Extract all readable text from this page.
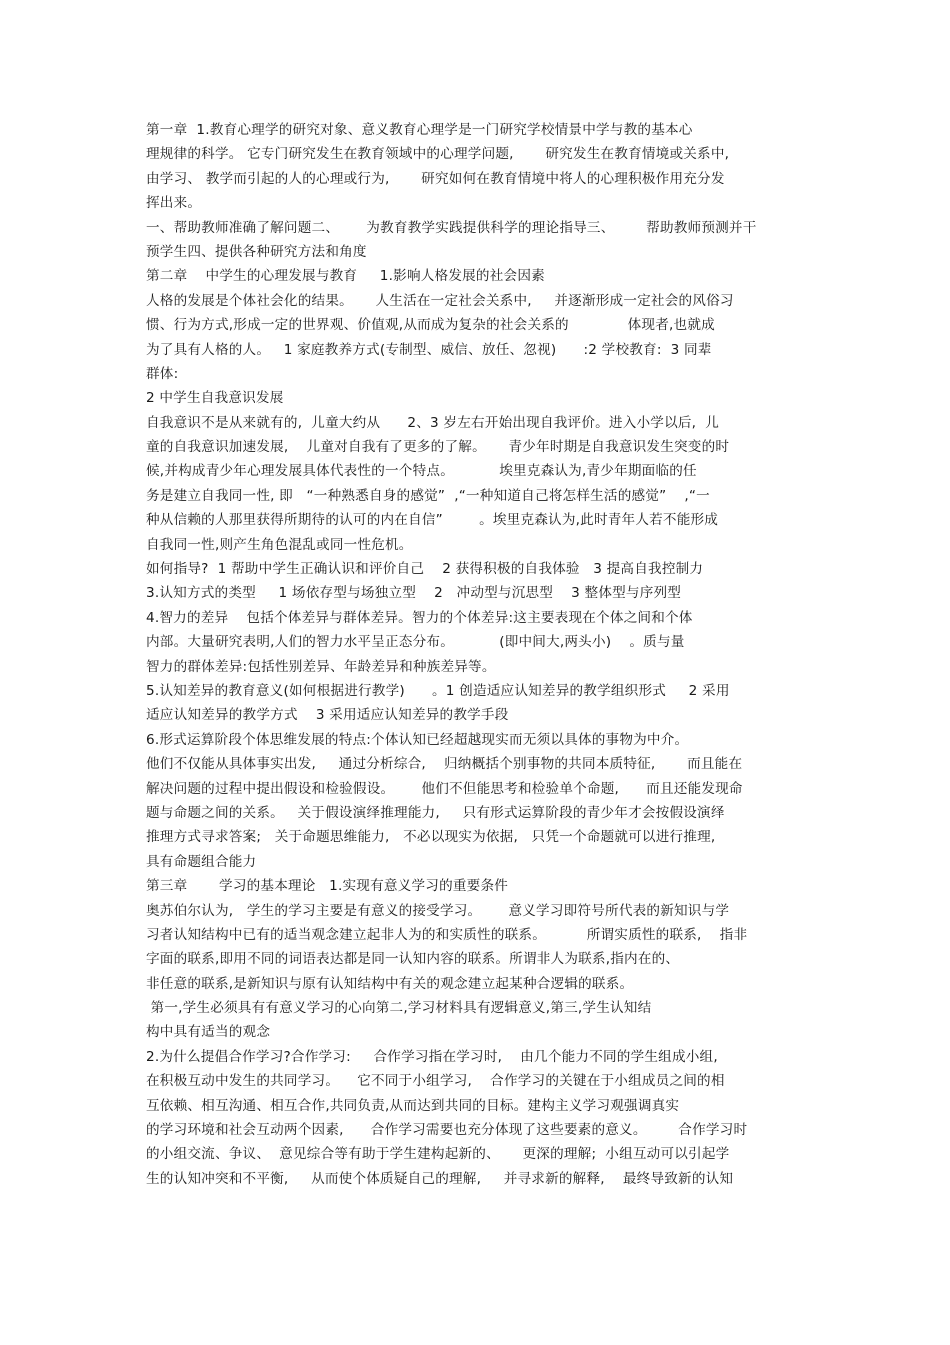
第一章  1.教育心理学的研究对象、意义教育心理学是一门研究学校情景中学与教的基本心
理规律的科学。 它专门研究发生在教育领域中的心理学问题,       研究发生在教育情境或关系中,
由学习、 教学而引起的人的心理或行为,       研究如何在教育情境中将人的心理积极作用充分发
挥出来。
一、帮助教师准确了解问题二、      为教育教学实践提供科学的理论指导三、       帮助教师预测并干
预学生四、提供各种研究方法和角度
第二章    中学生的心理发展与教育     1.影响人格发展的社会因素
人格的发展是个体社会化的结果。     人生活在一定社会关系中,     并逐渐形成一定社会的风俗习
惯、行为方式,形成一定的世界观、价值观,从而成为复杂的社会关系的             体现者,也就成
为了具有人格的人。   1 家庭教养方式(专制型、威信、放任、忽视)      :2 学校教育:  3 同辈
群体:
2 中学生自我意识发展
自我意识不是从来就有的,  儿童大约从      2、3 岁左右开始出现自我评价。进入小学以后,  儿
童的自我意识加速发展,    儿童对自我有了更多的了解。     青少年时期是自我意识发生突变的时
候,并构成青少年心理发展具体代表性的一个特点。          埃里克森认为,青少年期面临的任
务是建立自我同一性, 即   “一种熟悉自身的感觉”  ,“一种知道自己将怎样生活的感觉”    ,“一
种从信赖的人那里获得所期待的认可的内在自信”        。埃里克森认为,此时青年人若不能形成
自我同一性,则产生角色混乱或同一性危机。
如何指导?  1 帮助中学生正确认识和评价自己    2 获得积极的自我体验   3 提高自我控制力
3.认知方式的类型     1 场依存型与场独立型    2   冲动型与沉思型    3 整体型与序列型
4.智力的差异    包括个体差异与群体差异。智力的个体差异:这主要表现在个体之间和个体
内部。大量研究表明,人们的智力水平呈正态分布。          (即中间大,两头小)    。质与量
智力的群体差异:包括性别差异、年龄差异和种族差异等。
5.认知差异的教育意义(如何根据进行教学)      。1 创造适应认知差异的教学组织形式     2 采用
适应认知差异的教学方式    3 采用适应认知差异的教学手段
6.形式运算阶段个体思维发展的特点:个体认知已经超越现实而无须以具体的事物为中介。
他们不仅能从具体事实出发,     通过分析综合,    归纳概括个别事物的共同本质特征,       而且能在
解决问题的过程中提出假设和检验假设。      他们不但能思考和检验单个命题,      而且还能发现命
题与命题之间的关系。   关于假设演绎推理能力,     只有形式运算阶段的青少年才会按假设演绎
推理方式寻求答案;   关于命题思维能力,   不必以现实为依据,   只凭一个命题就可以进行推理,
具有命题组合能力
第三章       学习的基本理论   1.实现有意义学习的重要条件
奥苏伯尔认为,   学生的学习主要是有意义的接受学习。      意义学习即符号所代表的新知识与学
习者认知结构中已有的适当观念建立起非人为的和实质性的联系。         所谓实质性的联系,    指非
字面的联系,即用不同的词语表达都是同一认知内容的联系。所谓非人为联系,指内在的、
非任意的联系,是新知识与原有认知结构中有关的观念建立起某种合逻辑的联系。
第一,学生必须具有有意义学习的心向第二,学习材料具有逻辑意义,第三,学生认知结
构中具有适当的观念
2.为什么提倡合作学习?合作学习:     合作学习指在学习时,    由几个能力不同的学生组成小组,
在积极互动中发生的共同学习。    它不同于小组学习,    合作学习的关键在于小组成员之间的相
互依赖、相互沟通、相互合作,共同负责,从而达到共同的目标。建构主义学习观强调真实
的学习环境和社会互动两个因素,      合作学习需要也充分体现了这些要素的意义。       合作学习时
的小组交流、争议、  意见综合等有助于学生建构起新的、     更深的理解;  小组互动可以引起学
生的认知冲突和不平衡,     从而使个体质疑自己的理解,     并寻求新的解释,    最终导致新的认知
